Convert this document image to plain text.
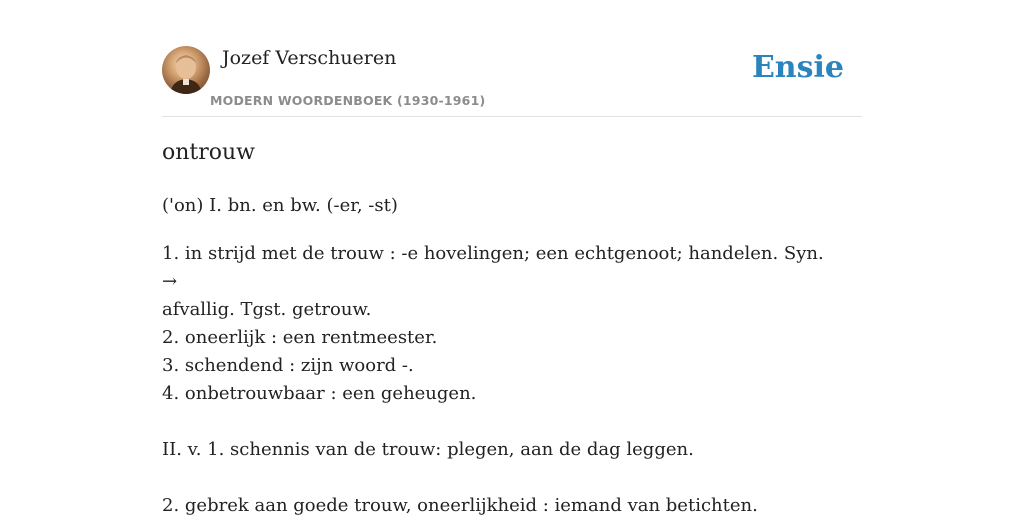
Jozef Verschueren
MODERN WOORDENBOEK (1930-1961)
Ensie
ontrouw
('on) I. bn. en bw. (-er, -st)
1. in strijd met de trouw : -e hovelingen; een echtgenoot; handelen. Syn. →
afvallig. Tgst. getrouw.
2. oneerlijk : een rentmeester.
3. schendend : zijn woord -.
4. onbetrouwbaar : een geheugen.
II. v. 1. schennis van de trouw: plegen, aan de dag leggen.
2. gebrek aan goede trouw, oneerlijkheid : iemand van betichten.
